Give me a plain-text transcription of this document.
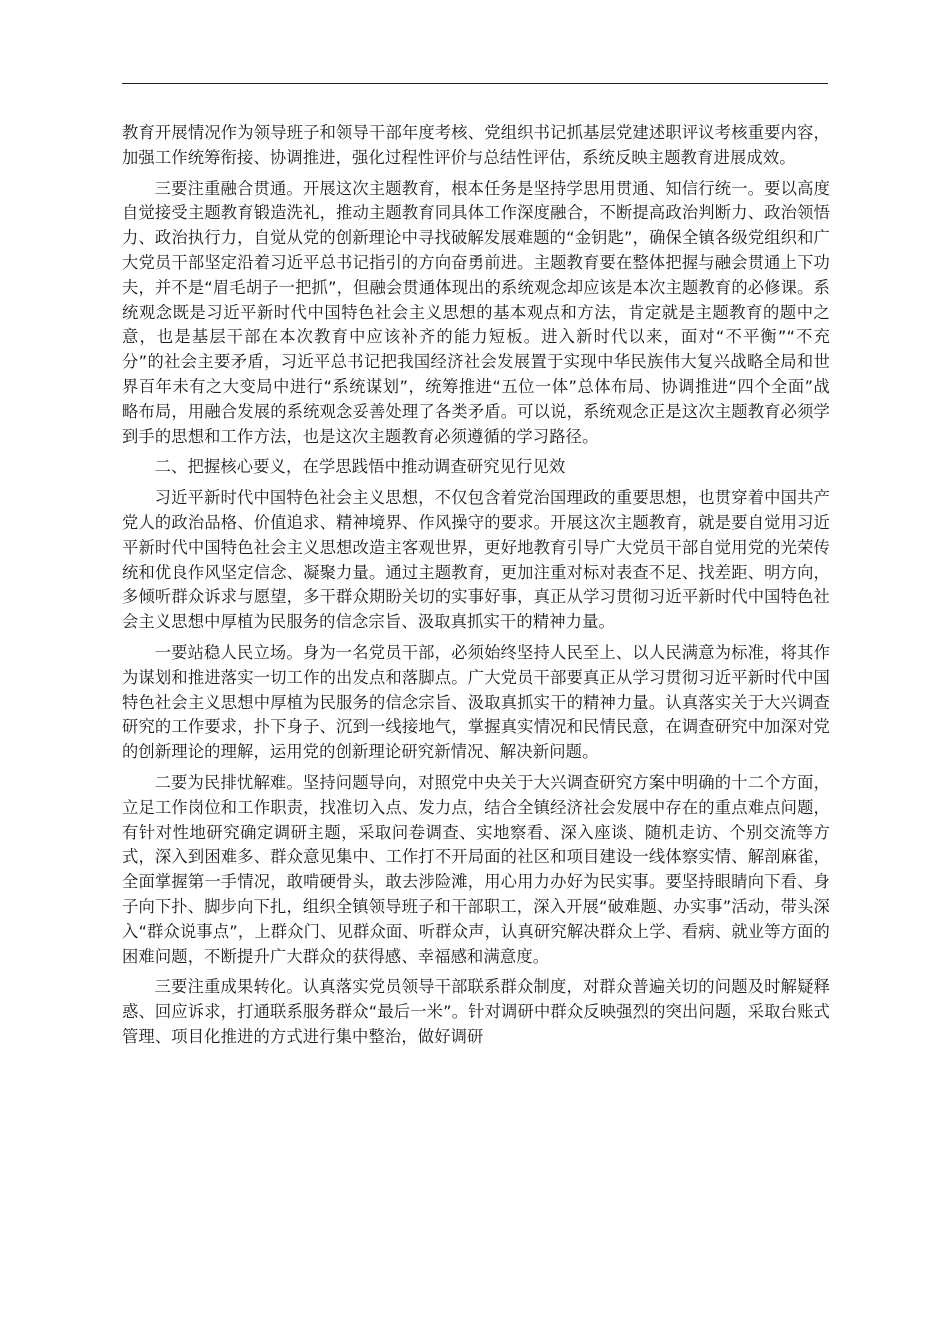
教育开展情况作为领导班子和领导干部年度考核、党组织书记抓基层党建述职评议考核重要内容，加强工作统筹衔接、协调推进，强化过程性评价与总结性评估，系统反映主题教育进展成效。

三要注重融合贯通。开展这次主题教育，根本任务是坚持学思用贯通、知信行统一。要以高度自觉接受主题教育锻造洗礼，推动主题教育同具体工作深度融合，不断提高政治判断力、政治领悟力、政治执行力，自觉从党的创新理论中寻找破解发展难题的“金钥匙”，确保全镇各级党组织和广大党员干部坚定沿着习近平总书记指引的方向奋勇前进。主题教育要在整体把握与融会贯通上下功夫，并不是“眉毛胡子一把抓”，但融会贯通体现出的系统观念却应该是本次主题教育的必修课。系统观念既是习近平新时代中国特色社会主义思想的基本观点和方法，肯定就是主题教育的题中之意，也是基层干部在本次教育中应该补齐的能力短板。进入新时代以来，面对“不平衡”“不充分”的社会主要矛盾，习近平总书记把我国经济社会发展置于实现中华民族伟大复兴战略全局和世界百年未有之大变局中进行“系统谋划”，统筹推进“五位一体”总体布局、协调推进“四个全面”战略布局，用融合发展的系统观念妥善处理了各类矛盾。可以说，系统观念正是这次主题教育必须学到手的思想和工作方法，也是这次主题教育必须遵循的学习路径。

二、把握核心要义，在学思践悟中推动调查研究见行见效

习近平新时代中国特色社会主义思想，不仅包含着党治国理政的重要思想，也贯穿着中国共产党人的政治品格、价值追求、精神境界、作风操守的要求。开展这次主题教育，就是要自觉用习近平新时代中国特色社会主义思想改造主客观世界，更好地教育引导广大党员干部自觉用党的光荣传统和优良作风坚定信念、凝聚力量。通过主题教育，更加注重对标对表查不足、找差距、明方向，多倾听群众诉求与愿望，多干群众期盼关切的实事好事，真正从学习贯彻习近平新时代中国特色社会主义思想中厚植为民服务的信念宗旨、汲取真抓实干的精神力量。

一要站稳人民立场。身为一名党员干部，必须始终坚持人民至上、以人民满意为标准，将其作为谋划和推进落实一切工作的出发点和落脚点。广大党员干部要真正从学习贯彻习近平新时代中国特色社会主义思想中厚植为民服务的信念宗旨、汲取真抓实干的精神力量。认真落实关于大兴调查研究的工作要求，扑下身子、沉到一线接地气，掌握真实情况和民情民意，在调查研究中加深对党的创新理论的理解，运用党的创新理论研究新情况、解决新问题。

二要为民排忧解难。坚持问题导向，对照党中央关于大兴调查研究方案中明确的十二个方面，立足工作岗位和工作职责，找准切入点、发力点，结合全镇经济社会发展中存在的重点难点问题，有针对性地研究确定调研主题，采取问卷调查、实地察看、深入座谈、随机走访、个别交流等方式，深入到困难多、群众意见集中、工作打不开局面的社区和项目建设一线体察实情、解剖麻雀，全面掌握第一手情况，敢啃硬骨头，敢去涉险滩，用心用力办好为民实事。要坚持眼睛向下看、身子向下扑、脚步向下扎，组织全镇领导班子和干部职工，深入开展“破难题、办实事”活动，带头深入“群众说事点”，上群众门、见群众面、听群众声，认真研究解决群众上学、看病、就业等方面的困难问题，不断提升广大群众的获得感、幸福感和满意度。

三要注重成果转化。认真落实党员领导干部联系群众制度，对群众普遍关切的问题及时解疑释惑、回应诉求，打通联系服务群众“最后一米”。针对调研中群众反映强烈的突出问题，采取台账式管理、项目化推进的方式进行集中整治，做好调研
